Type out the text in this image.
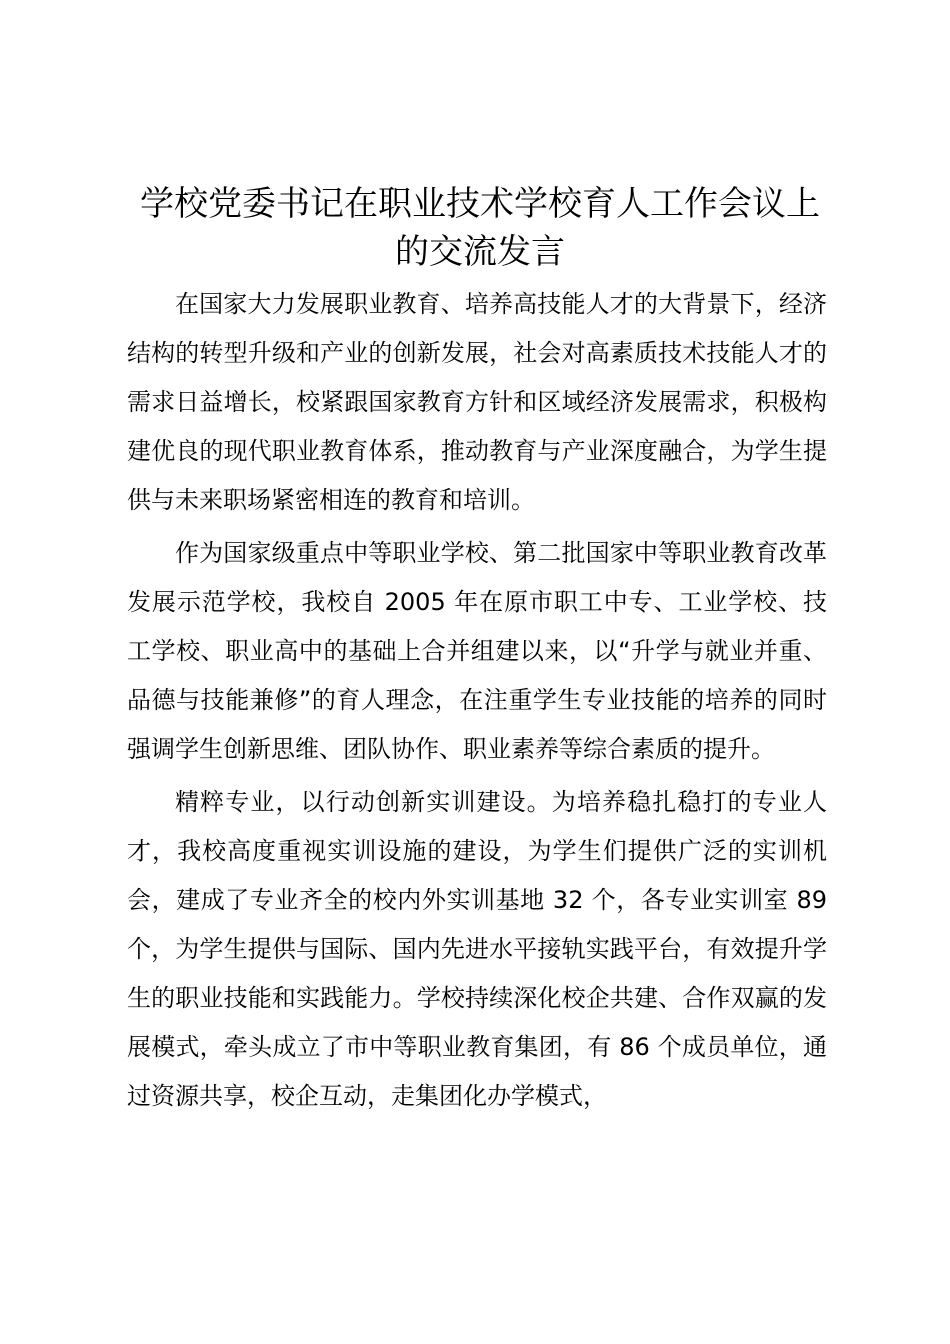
学校党委书记在职业技术学校育人工作会议上
的交流发言

在国家大力发展职业教育、培养高技能人才的大背景下，经济结构的转型升级和产业的创新发展，社会对高素质技术技能人才的需求日益增长，校紧跟国家教育方针和区域经济发展需求，积极构建优良的现代职业教育体系，推动教育与产业深度融合，为学生提供与未来职场紧密相连的教育和培训。

作为国家级重点中等职业学校、第二批国家中等职业教育改革发展示范学校，我校自 2005 年在原市职工中专、工业学校、技工学校、职业高中的基础上合并组建以来，以“升学与就业并重、品德与技能兼修”的育人理念，在注重学生专业技能的培养的同时强调学生创新思维、团队协作、职业素养等综合素质的提升。

精粹专业，以行动创新实训建设。为培养稳扎稳打的专业人才，我校高度重视实训设施的建设，为学生们提供广泛的实训机会，建成了专业齐全的校内外实训基地 32 个，各专业实训室 89 个，为学生提供与国际、国内先进水平接轨实践平台，有效提升学生的职业技能和实践能力。学校持续深化校企共建、合作双赢的发展模式，牵头成立了市中等职业教育集团，有 86 个成员单位，通过资源共享，校企互动，走集团化办学模式，
